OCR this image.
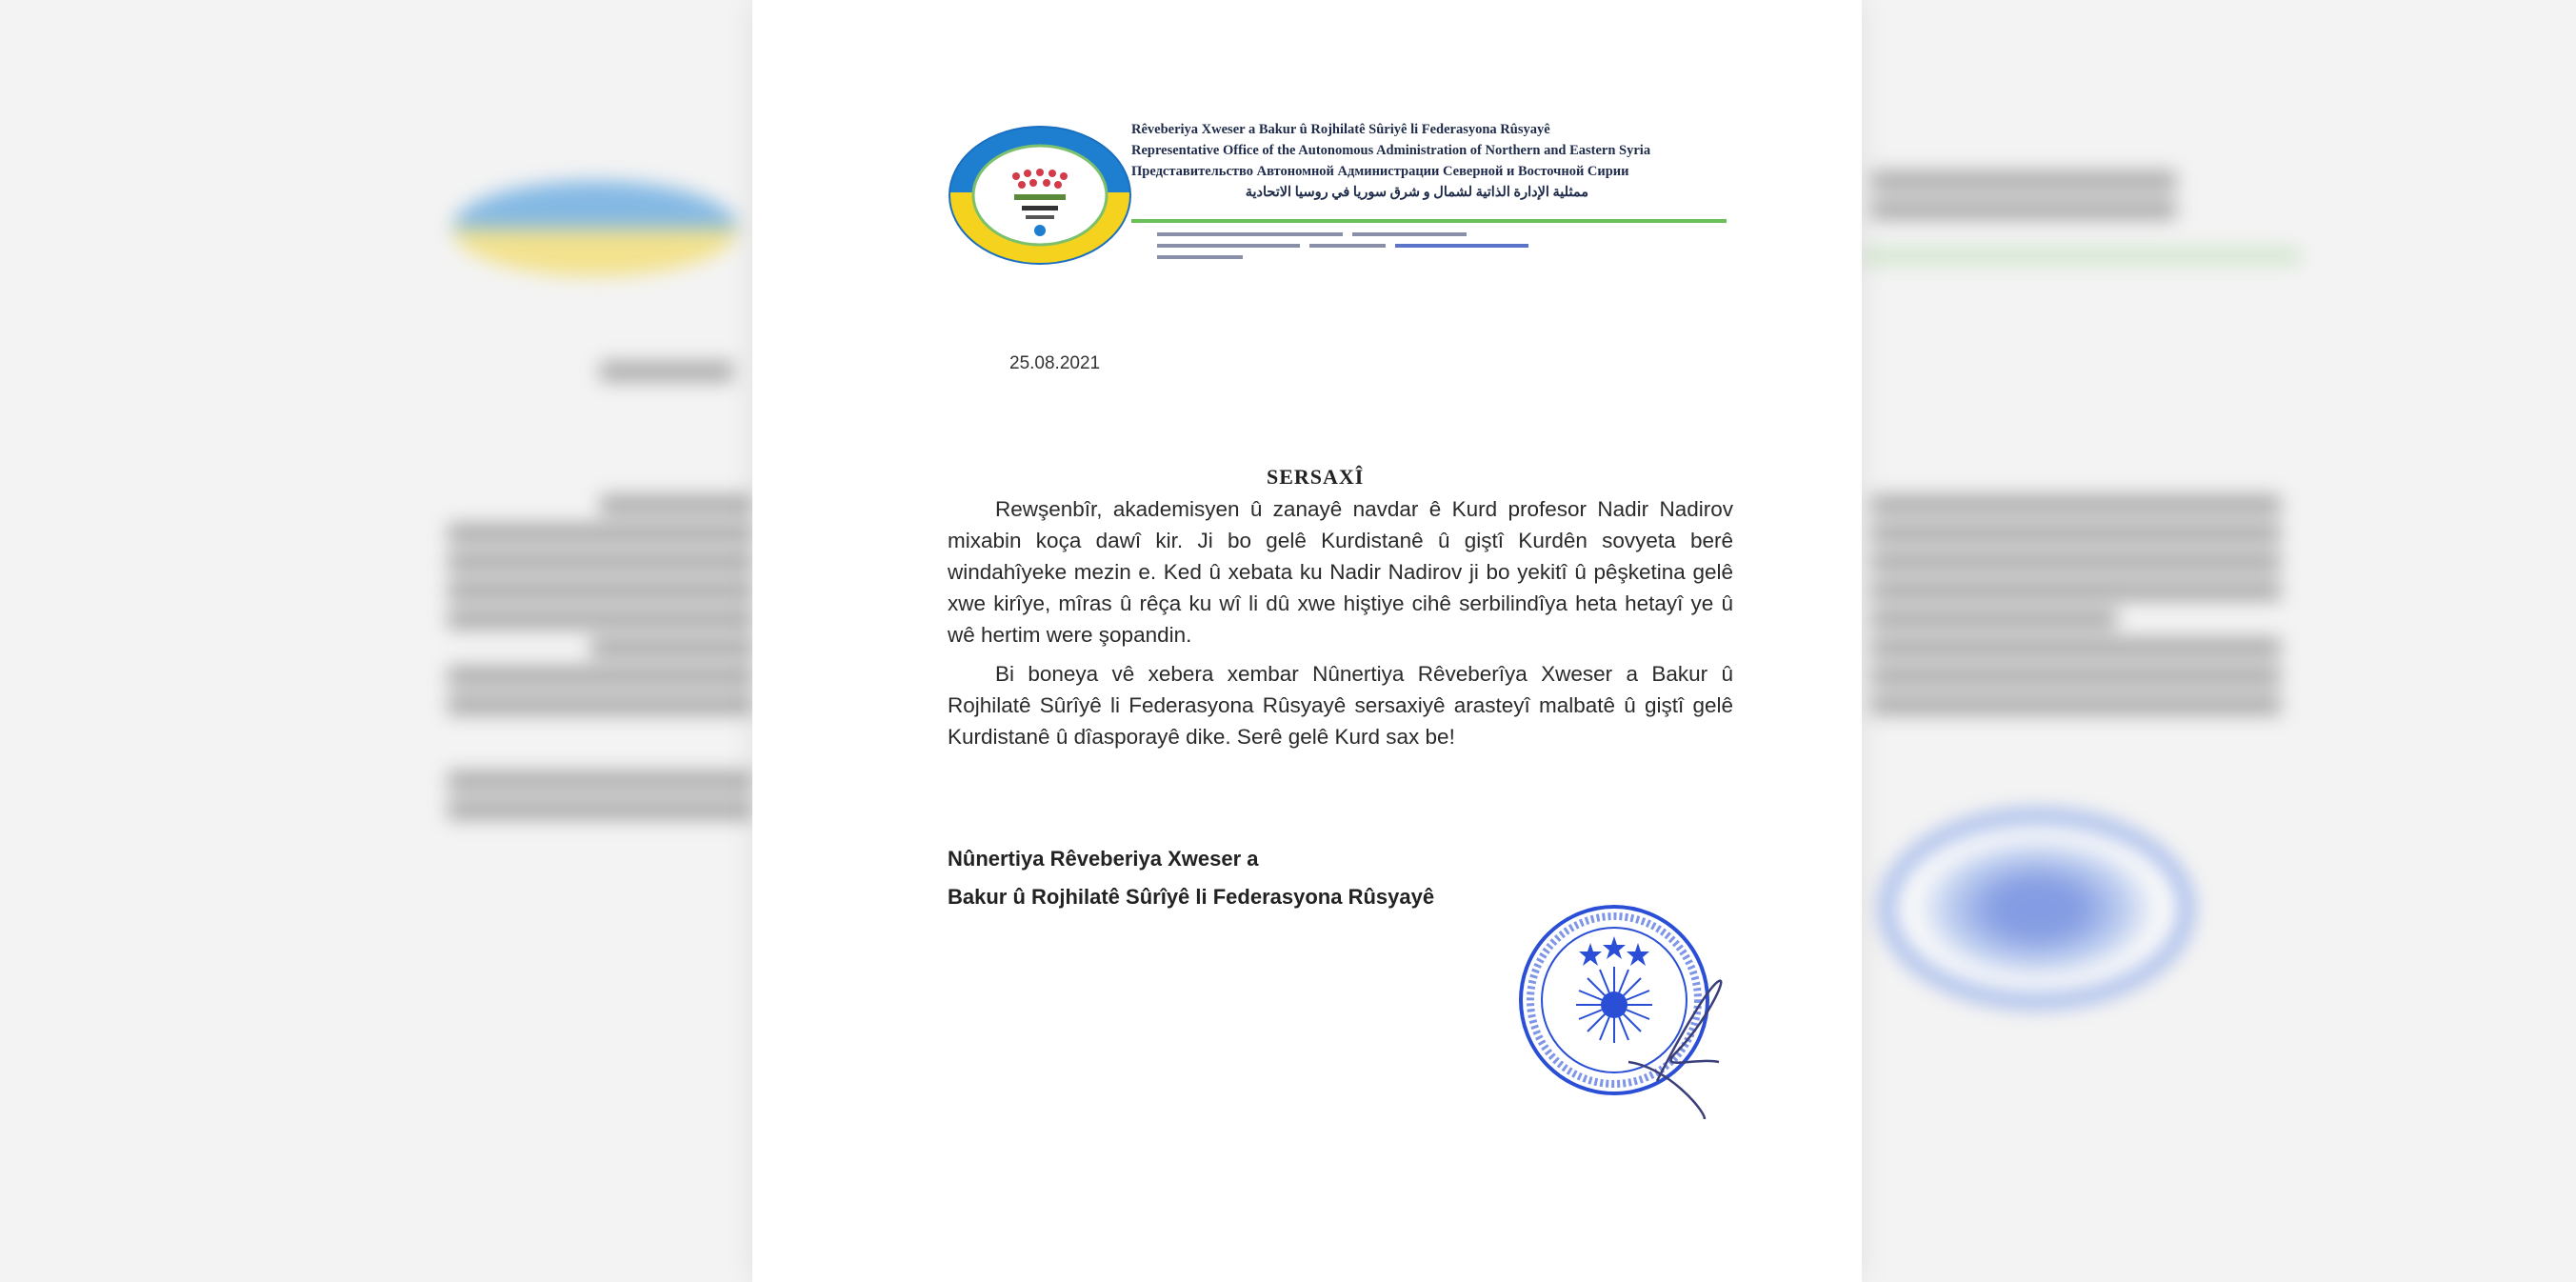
Rêveberiya Xweser a Bakur û Rojhilatê Sûriyê li Federasyona Rûsyayê
Representative Office of the Autonomous Administration of Northern and Eastern Syria
Представительство Автономной Администрации Северной и Восточной Сирии
ممثلية الإدارة الذاتية لشمال و شرق سوريا في روسيا الاتحادية
25.08.2021
SERSAXÎ

Rewşenbîr, akademisyen û zanayê navdar ê Kurd profesor Nadir Nadirov mixabin koça dawî kir. Ji bo gelê Kurdistanê û giştî Kurdên sovyeta berê windahîyeke mezin e. Ked û xebata ku Nadir Nadirov ji bo yekitî û pêşketina gelê xwe kirîye, mîras û rêça ku wî li dû xwe hiştiye cihê serbilindîya heta hetayî ye û wê hertim were şopandin.

Bi boneya vê xebera xembar Nûnertiya Rêveberîya Xweser a Bakur û Rojhilatê Sûrîyê li Federasyona Rûsyayê sersaxiyê arasteyî malbatê û giştî gelê Kurdistanê û dîasporayê dike. Serê gelê Kurd sax be!

Nûnertiya Rêveberiya Xweser a
Bakur û Rojhilatê Sûrîyê li Federasyona Rûsyayê
